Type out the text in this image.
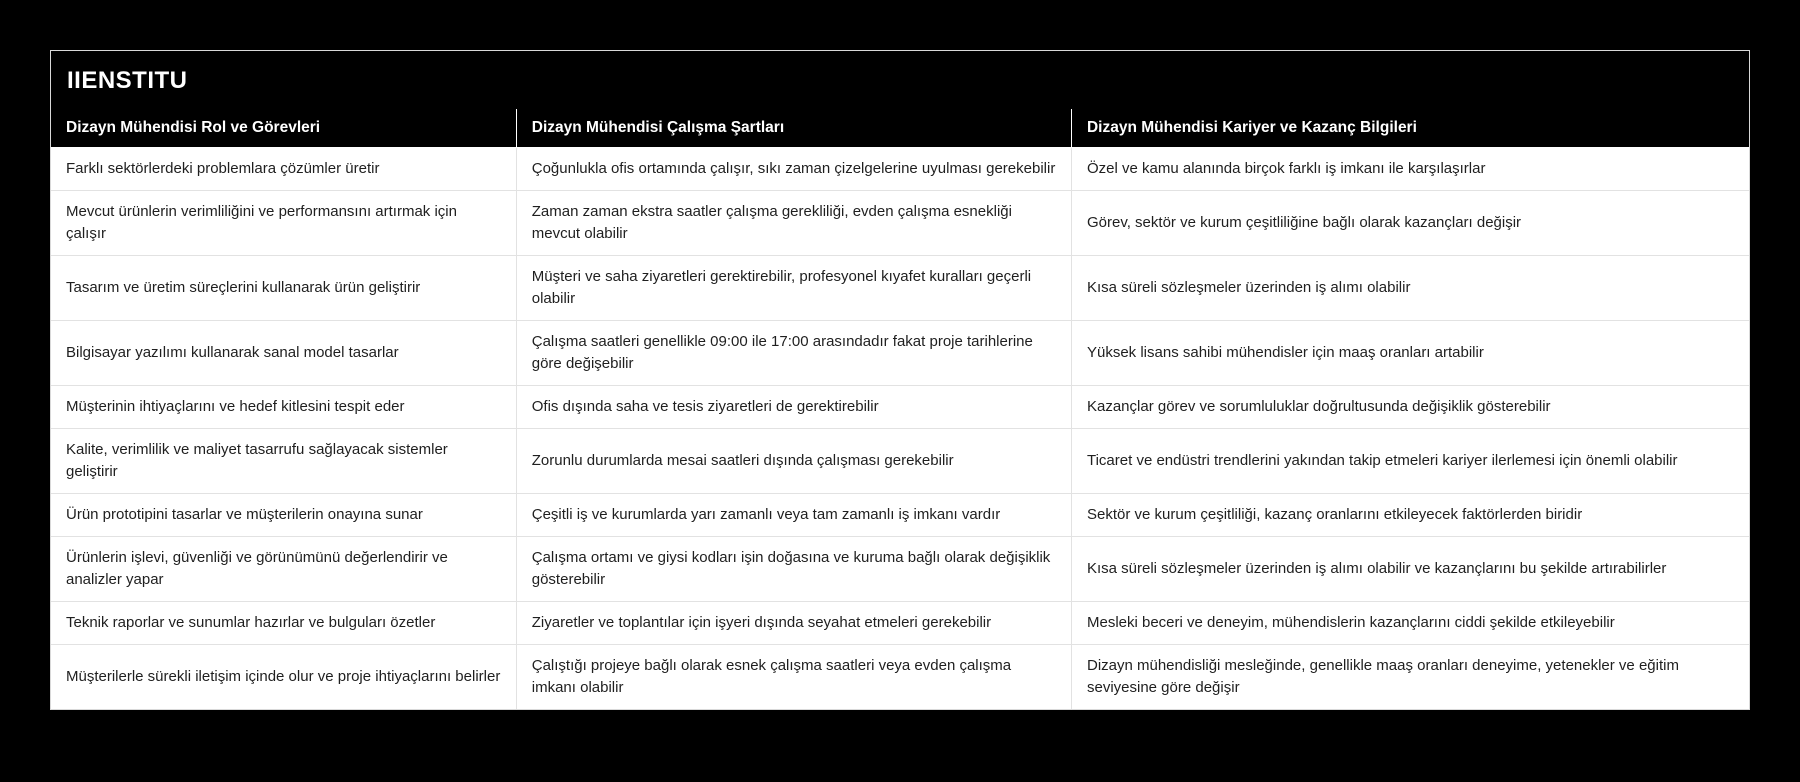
IIENSTITU
Dizayn Mühendisi Rol ve Görevleri	Dizayn Mühendisi Çalışma Şartları	Dizayn Mühendisi Kariyer ve Kazanç Bilgileri
Farklı sektörlerdeki problemlara çözümler üretir	Çoğunlukla ofis ortamında çalışır, sıkı zaman çizelgelerine uyulması gerekebilir	Özel ve kamu alanında birçok farklı iş imkanı ile karşılaşırlar
Mevcut ürünlerin verimliliğini ve performansını artırmak için çalışır	Zaman zaman ekstra saatler çalışma gerekliliği, evden çalışma esnekliği mevcut olabilir	Görev, sektör ve kurum çeşitliliğine bağlı olarak kazançları değişir
Tasarım ve üretim süreçlerini kullanarak ürün geliştirir	Müşteri ve saha ziyaretleri gerektirebilir, profesyonel kıyafet kuralları geçerli olabilir	Kısa süreli sözleşmeler üzerinden iş alımı olabilir
Bilgisayar yazılımı kullanarak sanal model tasarlar	Çalışma saatleri genellikle 09:00 ile 17:00 arasındadır fakat proje tarihlerine göre değişebilir	Yüksek lisans sahibi mühendisler için maaş oranları artabilir
Müşterinin ihtiyaçlarını ve hedef kitlesini tespit eder	Ofis dışında saha ve tesis ziyaretleri de gerektirebilir	Kazançlar görev ve sorumluluklar doğrultusunda değişiklik gösterebilir
Kalite, verimlilik ve maliyet tasarrufu sağlayacak sistemler geliştirir	Zorunlu durumlarda mesai saatleri dışında çalışması gerekebilir	Ticaret ve endüstri trendlerini yakından takip etmeleri kariyer ilerlemesi için önemli olabilir
Ürün prototipini tasarlar ve müşterilerin onayına sunar	Çeşitli iş ve kurumlarda yarı zamanlı veya tam zamanlı iş imkanı vardır	Sektör ve kurum çeşitliliği, kazanç oranlarını etkileyecek faktörlerden biridir
Ürünlerin işlevi, güvenliği ve görünümünü değerlendirir ve analizler yapar	Çalışma ortamı ve giysi kodları işin doğasına ve kuruma bağlı olarak değişiklik gösterebilir	Kısa süreli sözleşmeler üzerinden iş alımı olabilir ve kazançlarını bu şekilde artırabilirler
Teknik raporlar ve sunumlar hazırlar ve bulguları özetler	Ziyaretler ve toplantılar için işyeri dışında seyahat etmeleri gerekebilir	Mesleki beceri ve deneyim, mühendislerin kazançlarını ciddi şekilde etkileyebilir
Müşterilerle sürekli iletişim içinde olur ve proje ihtiyaçlarını belirler	Çalıştığı projeye bağlı olarak esnek çalışma saatleri veya evden çalışma imkanı olabilir	Dizayn mühendisliği mesleğinde, genellikle maaş oranları deneyime, yetenekler ve eğitim seviyesine göre değişir
